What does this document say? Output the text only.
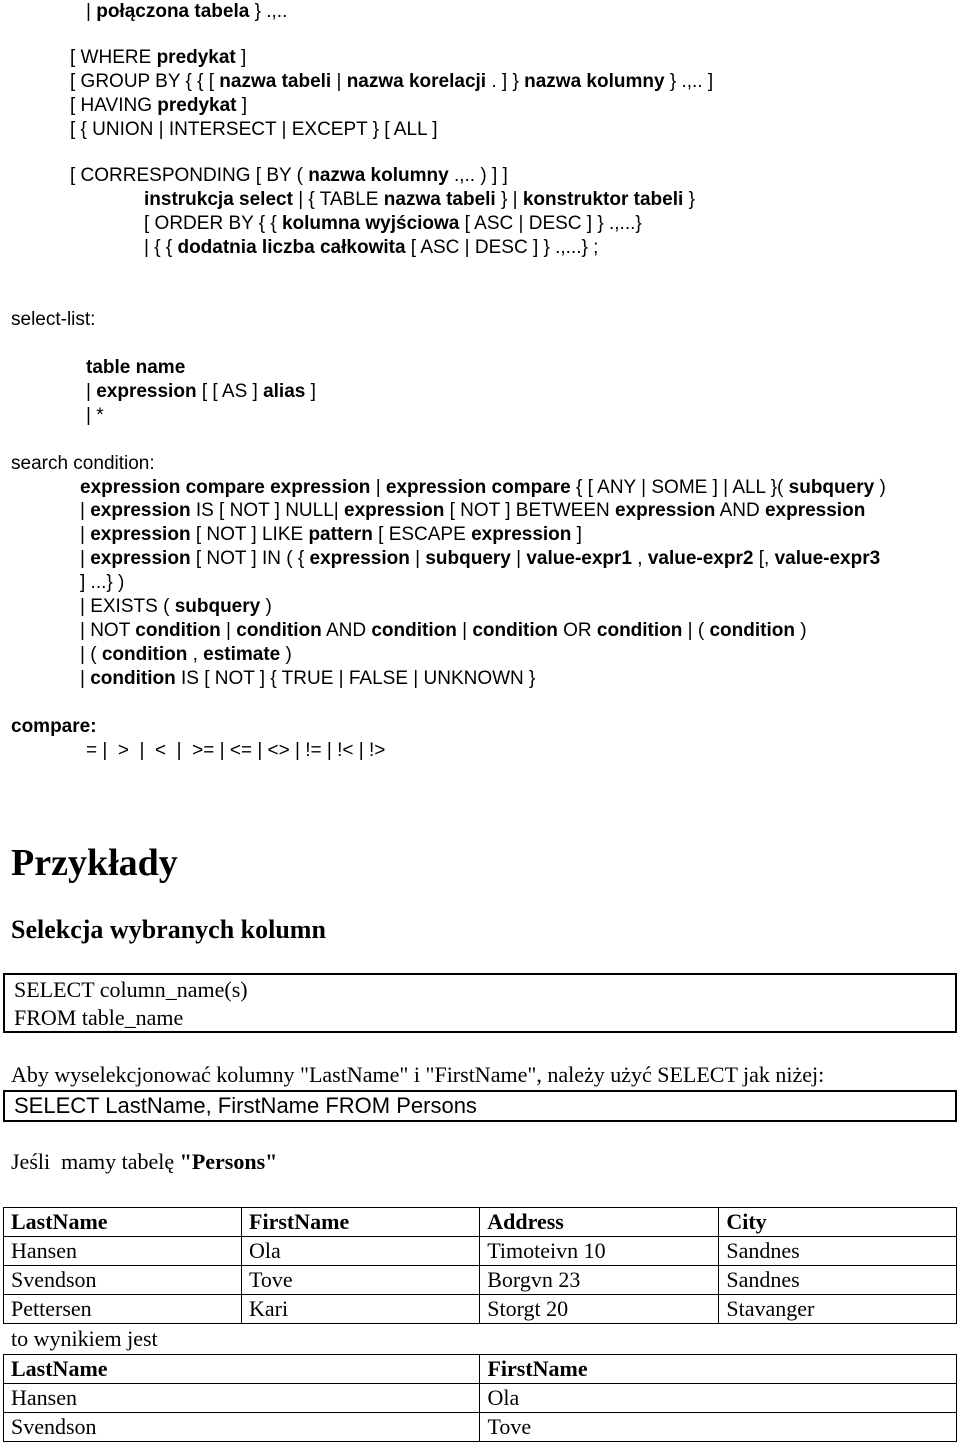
| połączona tabela } .,..
[ WHERE predykat ]
[ GROUP BY { { [ nazwa tabeli | nazwa korelacji . ] } nazwa kolumny } .,.. ]
[ HAVING predykat ]
[ { UNION | INTERSECT | EXCEPT } [ ALL ]
[ CORRESPONDING [ BY ( nazwa kolumny .,.. ) ] ]
instrukcja select | { TABLE nazwa tabeli } | konstruktor tabeli }
[ ORDER BY { { kolumna wyjściowa [ ASC | DESC ] } .,...}
| { { dodatnia liczba całkowita [ ASC | DESC ] } .,...} ;
select-list:
table name
| expression [ [ AS ] alias ]
| *
search condition:
expression compare expression | expression compare { [ ANY | SOME ] | ALL }( subquery )
| expression IS [ NOT ] NULL| expression [ NOT ] BETWEEN expression AND expression
| expression [ NOT ] LIKE pattern [ ESCAPE expression ]
| expression [ NOT ] IN ( { expression | subquery | value-expr1 , value-expr2 [, value-expr3
] ...} )
| EXISTS ( subquery )
| NOT condition | condition AND condition | condition OR condition | ( condition )
| ( condition , estimate )
| condition IS [ NOT ] { TRUE | FALSE | UNKNOWN }
compare:
= |  >  |  <  |  >= | <= | <> | != | !< | !>
Przykłady
Selekcja wybranych kolumn
SELECT column_name(s)
FROM table_name
Aby wyselekcjonować kolumny "LastName" i "FirstName", należy użyć SELECT jak niżej:
SELECT LastName, FirstName FROM Persons
Jeśli  mamy tabelę "Persons"
LastName	FirstName	Address	City
Hansen	Ola	Timoteivn 10	Sandnes
Svendson	Tove	Borgvn 23	Sandnes
Pettersen	Kari	Storgt 20	Stavanger
to wynikiem jest
LastName	FirstName
Hansen	Ola
Svendson	Tove
